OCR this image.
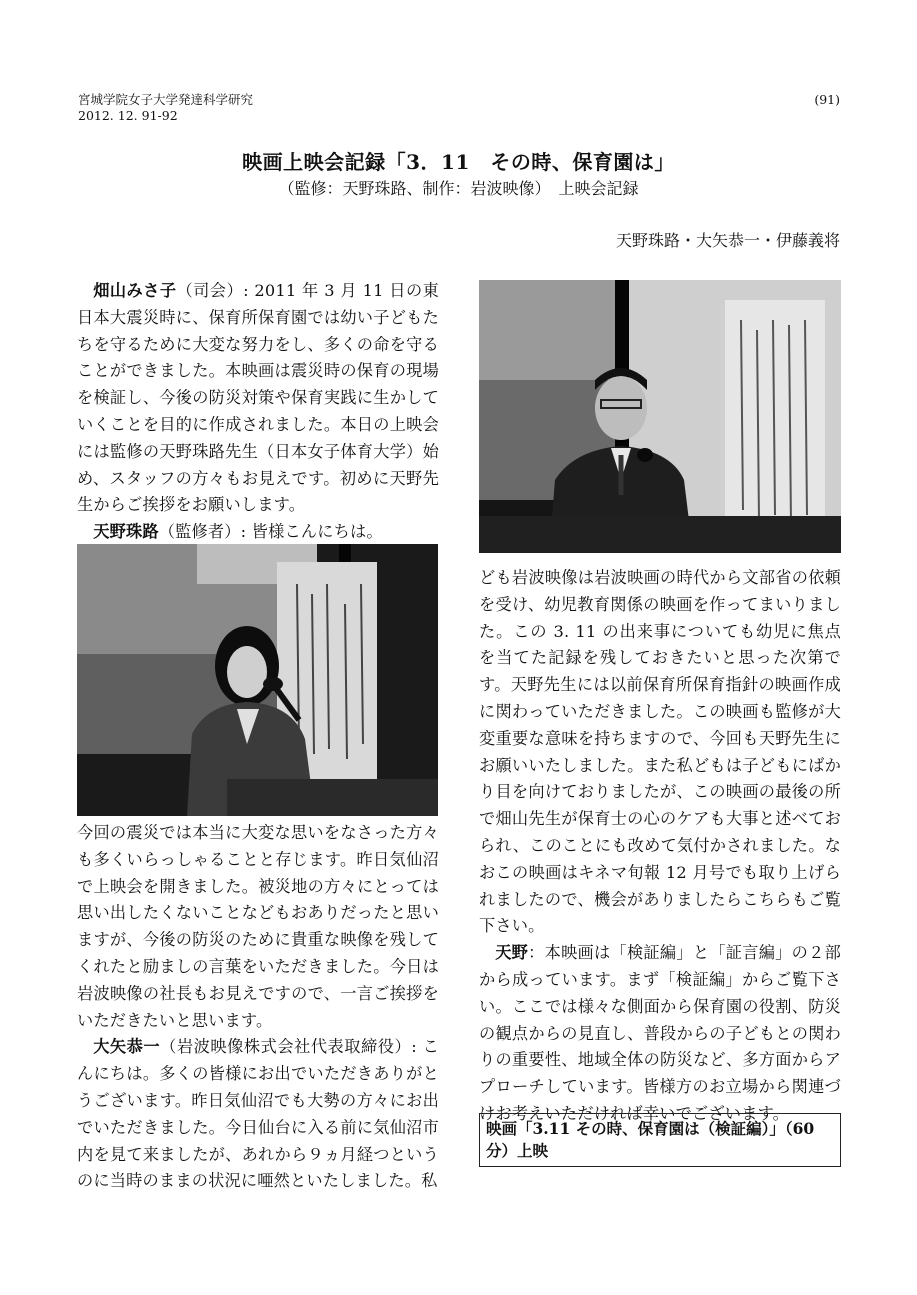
宮城学院女子大学発達科学研究
2012. 12. 91-92
(91)
映画上映会記録「3．11　その時、保育園は」
（監修：天野珠路、制作：岩波映像）　上映会記録
天野珠路・大矢恭一・伊藤義将

畑山みさ子（司会）: 2011 年 3 月 11 日の東日本大震災時に、保育所保育園では幼い子どもたちを守るために大変な努力をし、多くの命を守ることができました。本映画は震災時の保育の現場を検証し、今後の防災対策や保育実践に生かしていくことを目的に作成されました。本日の上映会には監修の天野珠路先生（日本女子体育大学）始め、スタッフの方々もお見えです。初めに天野先生からご挨拶をお願いします。

天野珠路（監修者）: 皆様こんにちは。

今回の震災では本当に大変な思いをなさった方々も多くいらっしゃることと存じます。昨日気仙沼で上映会を開きました。被災地の方々にとっては思い出したくないことなどもおありだったと思いますが、今後の防災のために貴重な映像を残してくれたと励ましの言葉をいただきました。今日は岩波映像の社長もお見えですので、一言ご挨拶をいただきたいと思います。

大矢恭一（岩波映像株式会社代表取締役）: こんにちは。多くの皆様にお出でいただきありがとうございます。昨日気仙沼でも大勢の方々にお出でいただきました。今日仙台に入る前に気仙沼市内を見て来ましたが、あれから９ヵ月経つというのに当時のままの状況に唖然といたしました。私

ども岩波映像は岩波映画の時代から文部省の依頼を受け、幼児教育関係の映画を作ってまいりました。この 3. 11 の出来事についても幼児に焦点を当てた記録を残しておきたいと思った次第です。天野先生には以前保育所保育指針の映画作成に関わっていただきました。この映画も監修が大変重要な意味を持ちますので、今回も天野先生にお願いいたしました。また私どもは子どもにばかり目を向けておりましたが、この映画の最後の所で畑山先生が保育士の心のケアも大事と述べておられ、このことにも改めて気付かされました。なおこの映画はキネマ旬報 12 月号でも取り上げられましたので、機会がありましたらこちらもご覧下さい。

天野：本映画は「検証編」と「証言編」の２部から成っています。まず「検証編」からご覧下さい。ここでは様々な側面から保育園の役割、防災の観点からの見直し、普段からの子どもとの関わりの重要性、地域全体の防災など、多方面からアプローチしています。皆様方のお立場から関連づけお考えいただければ幸いでございます。

映画「3.11 その時、保育園は（検証編）」（60 分）上映
